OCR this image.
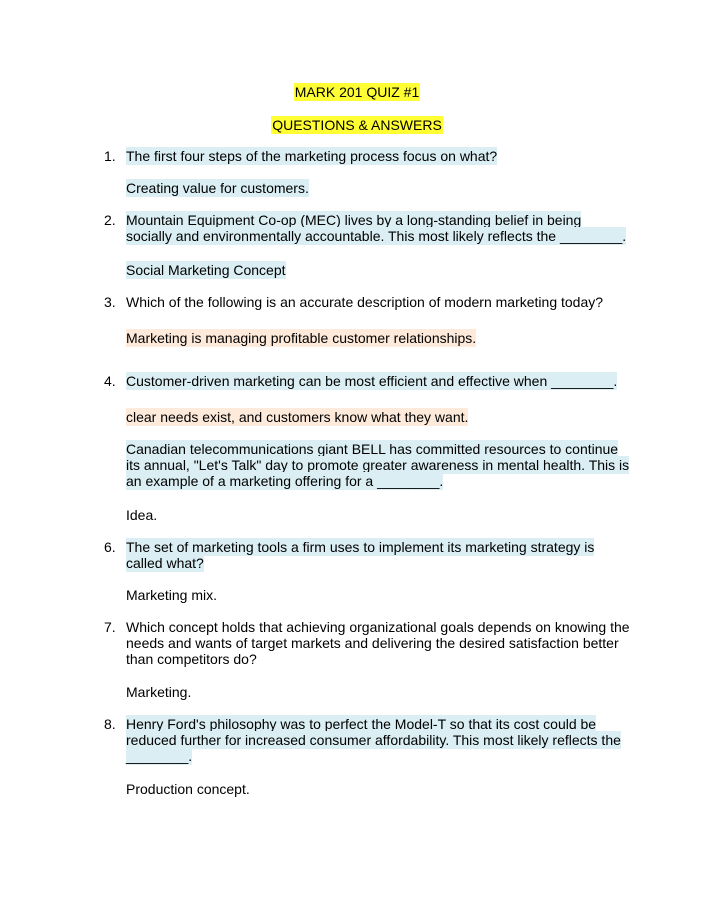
MARK 201 QUIZ #1
QUESTIONS & ANSWERS
1. The first four steps of the marketing process focus on what?
Creating value for customers.
2. Mountain Equipment Co-op (MEC) lives by a long-standing belief in being socially and environmentally accountable. This most likely reflects the ________.
Social Marketing Concept
3. Which of the following is an accurate description of modern marketing today?
Marketing is managing profitable customer relationships.
4. Customer-driven marketing can be most efficient and effective when ________.
clear needs exist, and customers know what they want.
Canadian telecommunications giant BELL has committed resources to continue its annual, "Let's Talk" day to promote greater awareness in mental health. This is an example of a marketing offering for a ________.
Idea.
6. The set of marketing tools a firm uses to implement its marketing strategy is called what?
Marketing mix.
7. Which concept holds that achieving organizational goals depends on knowing the needs and wants of target markets and delivering the desired satisfaction better than competitors do?
Marketing.
8. Henry Ford's philosophy was to perfect the Model-T so that its cost could be reduced further for increased consumer affordability. This most likely reflects the ________.
Production concept.
